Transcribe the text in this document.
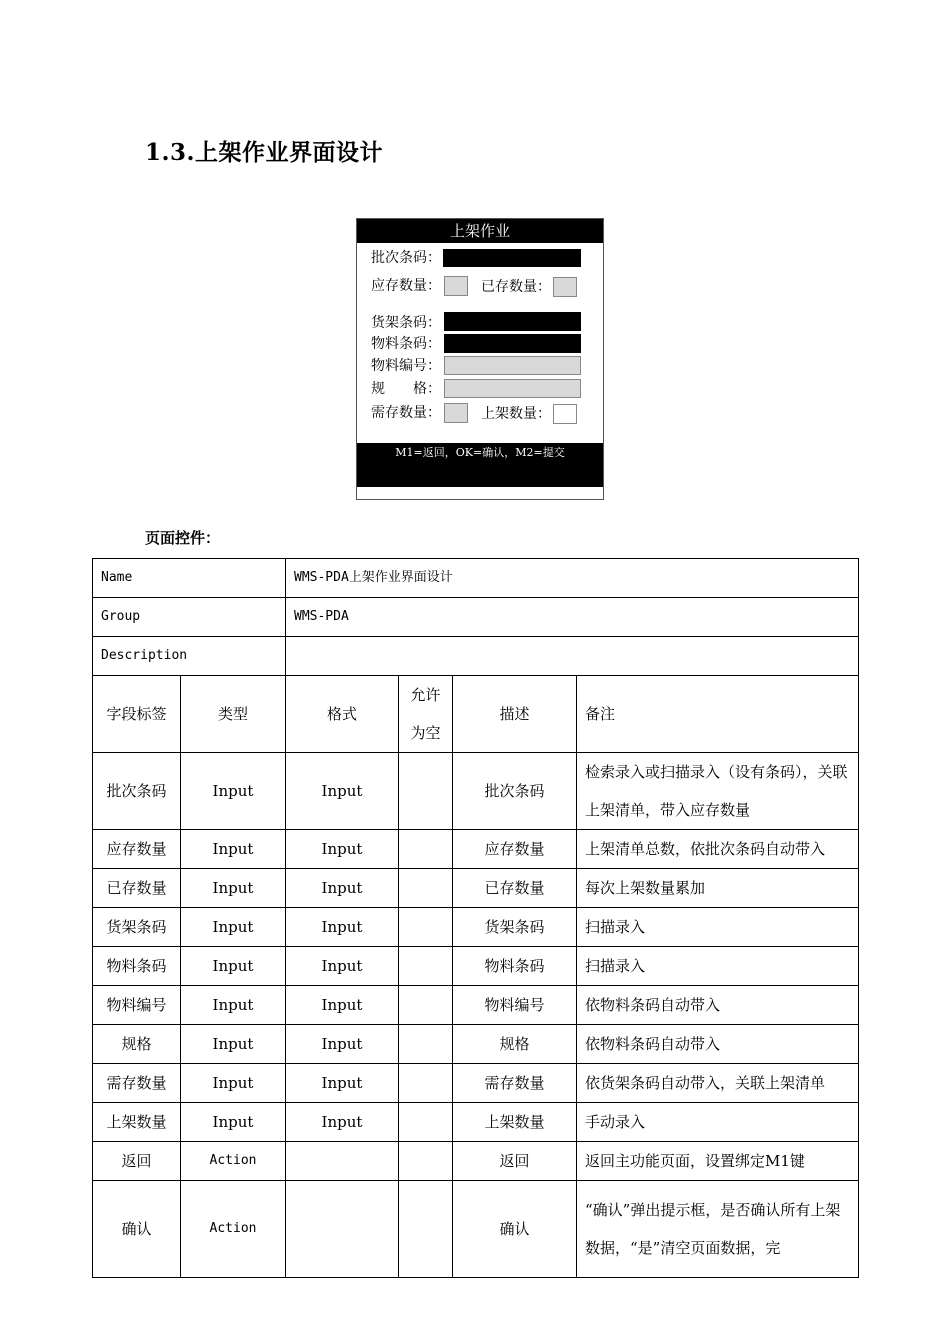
1.3.上架作业界面设计
上架作业
批次条码：
应存数量：	已存数量：
货架条码：
物料条码：
物料编号：
规　　格：
需存数量：	上架数量：
M1=返回，OK=确认，M2=提交
页面控件：
Name		WMS-PDA上架作业界面设计			
Group		WMS-PDA			
Description					
字段标签	类型	格式	允许为空	描述	备注
批次条码	Input	Input		批次条码	检索录入或扫描录入（设有条码），关联上架清单，带入应存数量
应存数量	Input	Input		应存数量	上架清单总数，依批次条码自动带入
已存数量	Input	Input		已存数量	每次上架数量累加
货架条码	Input	Input		货架条码	扫描录入
物料条码	Input	Input		物料条码	扫描录入
物料编号	Input	Input		物料编号	依物料条码自动带入
规格	Input	Input		规格	依物料条码自动带入
需存数量	Input	Input		需存数量	依货架条码自动带入，关联上架清单
上架数量	Input	Input		上架数量	手动录入
返回	Action			返回	返回主功能页面，设置绑定M1键
确认	Action			确认	“确认”弹出提示框，是否确认所有上架数据，“是”清空页面数据，完
